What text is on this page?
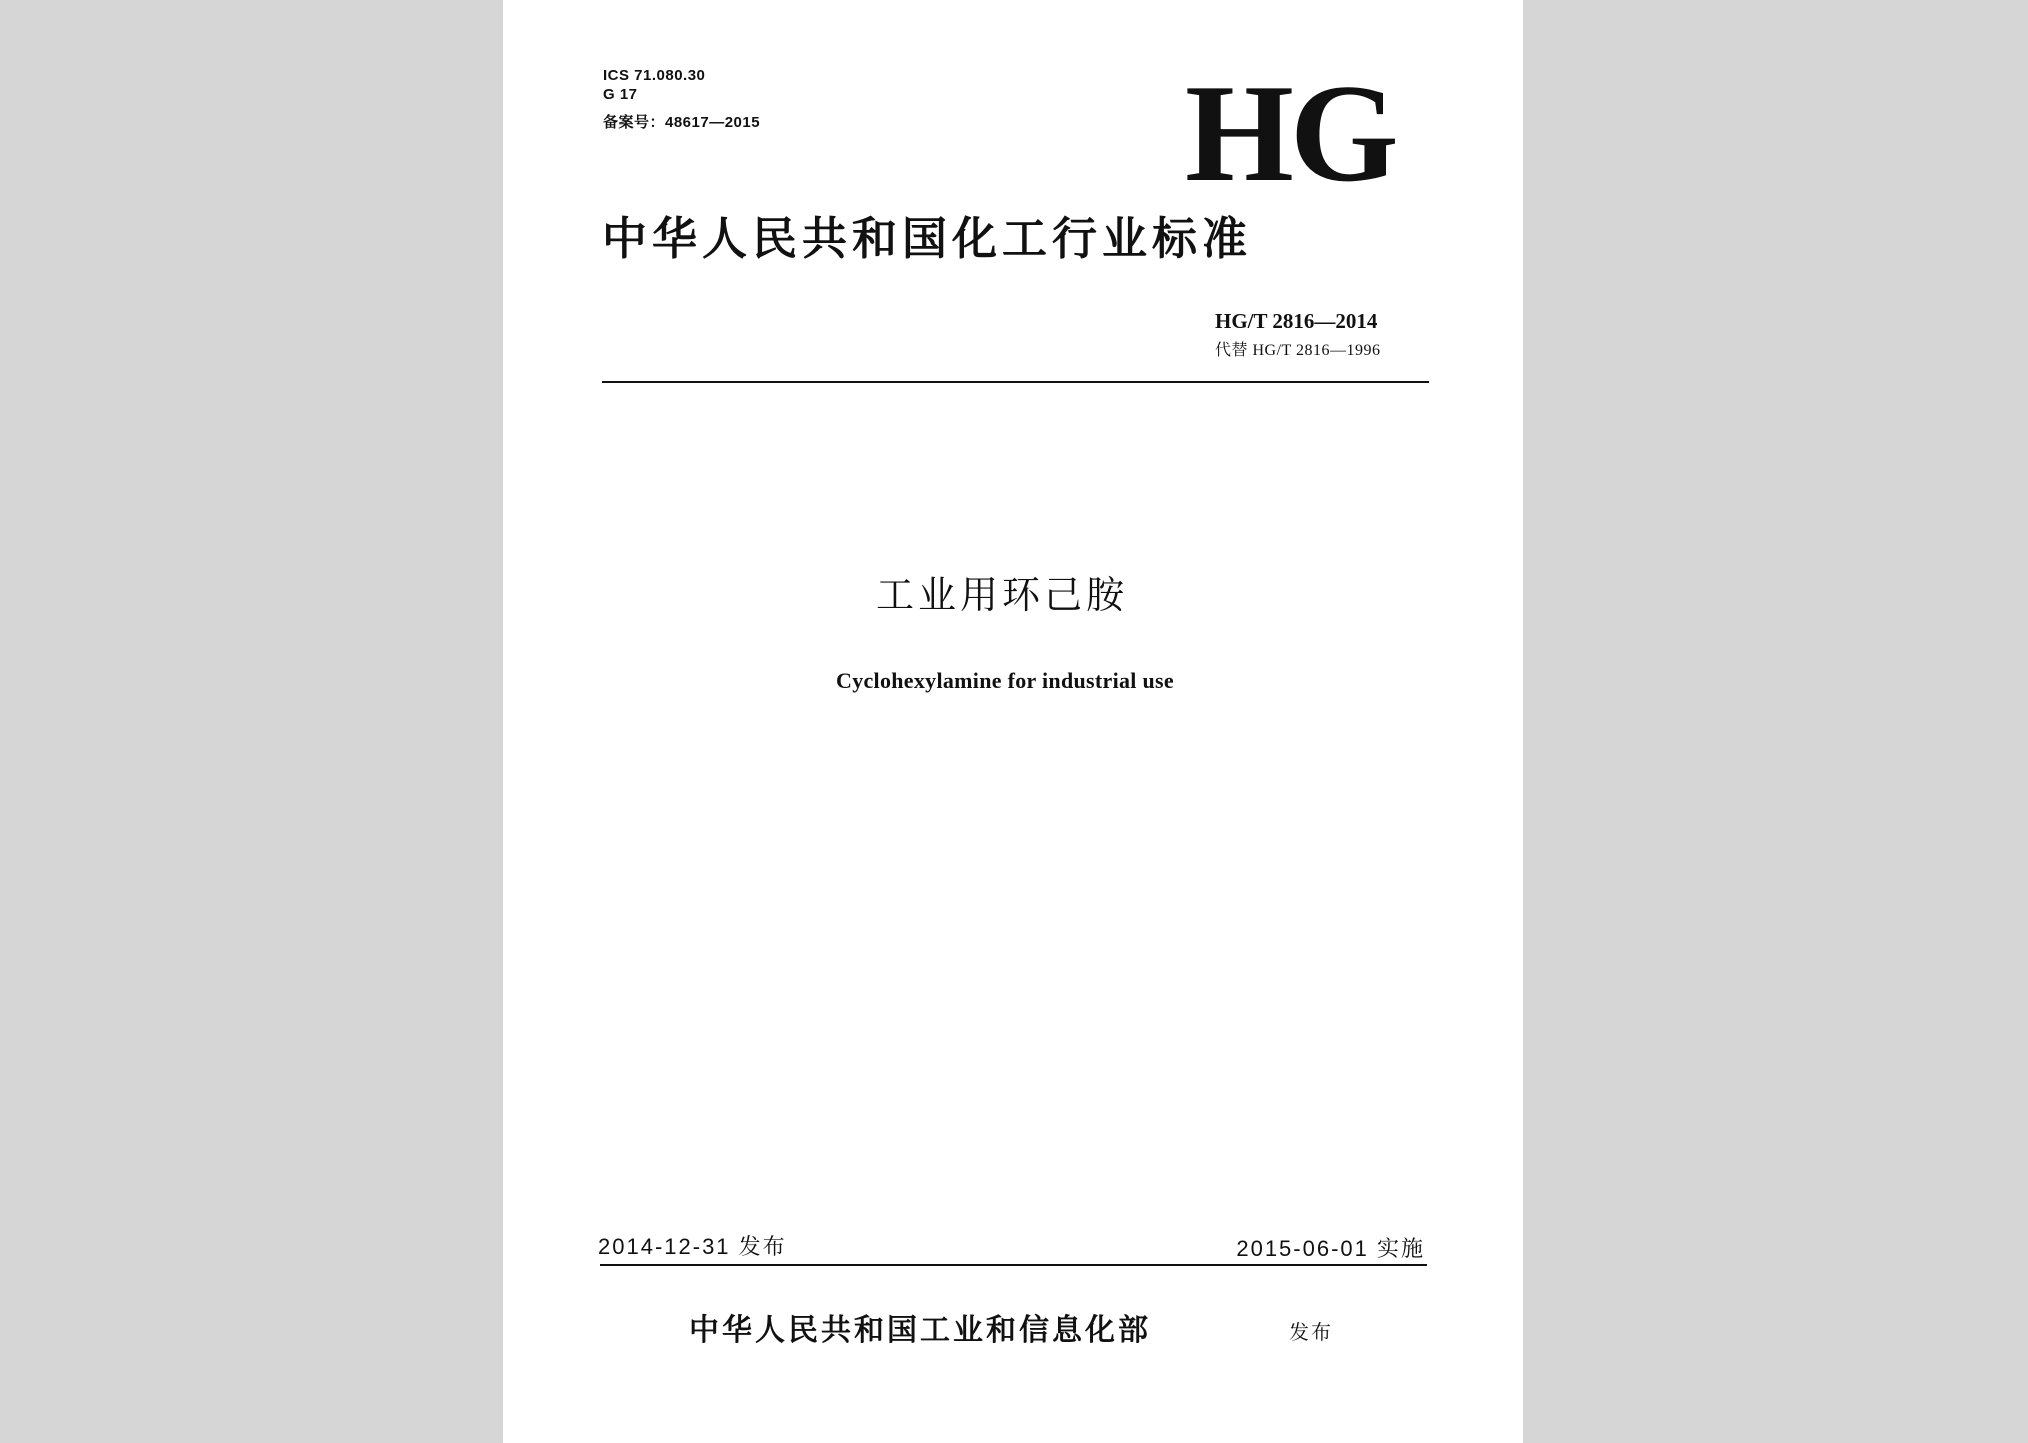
ICS 71.080.30
G 17
备案号：48617—2015	HG
中华人民共和国化工行业标准
HG/T 2816—2014
代替 HG/T 2816—1996
工业用环己胺
Cyclohexylamine for industrial use
2014-12-31 发布	2015-06-01 实施
中华人民共和国工业和信息化部	发布
